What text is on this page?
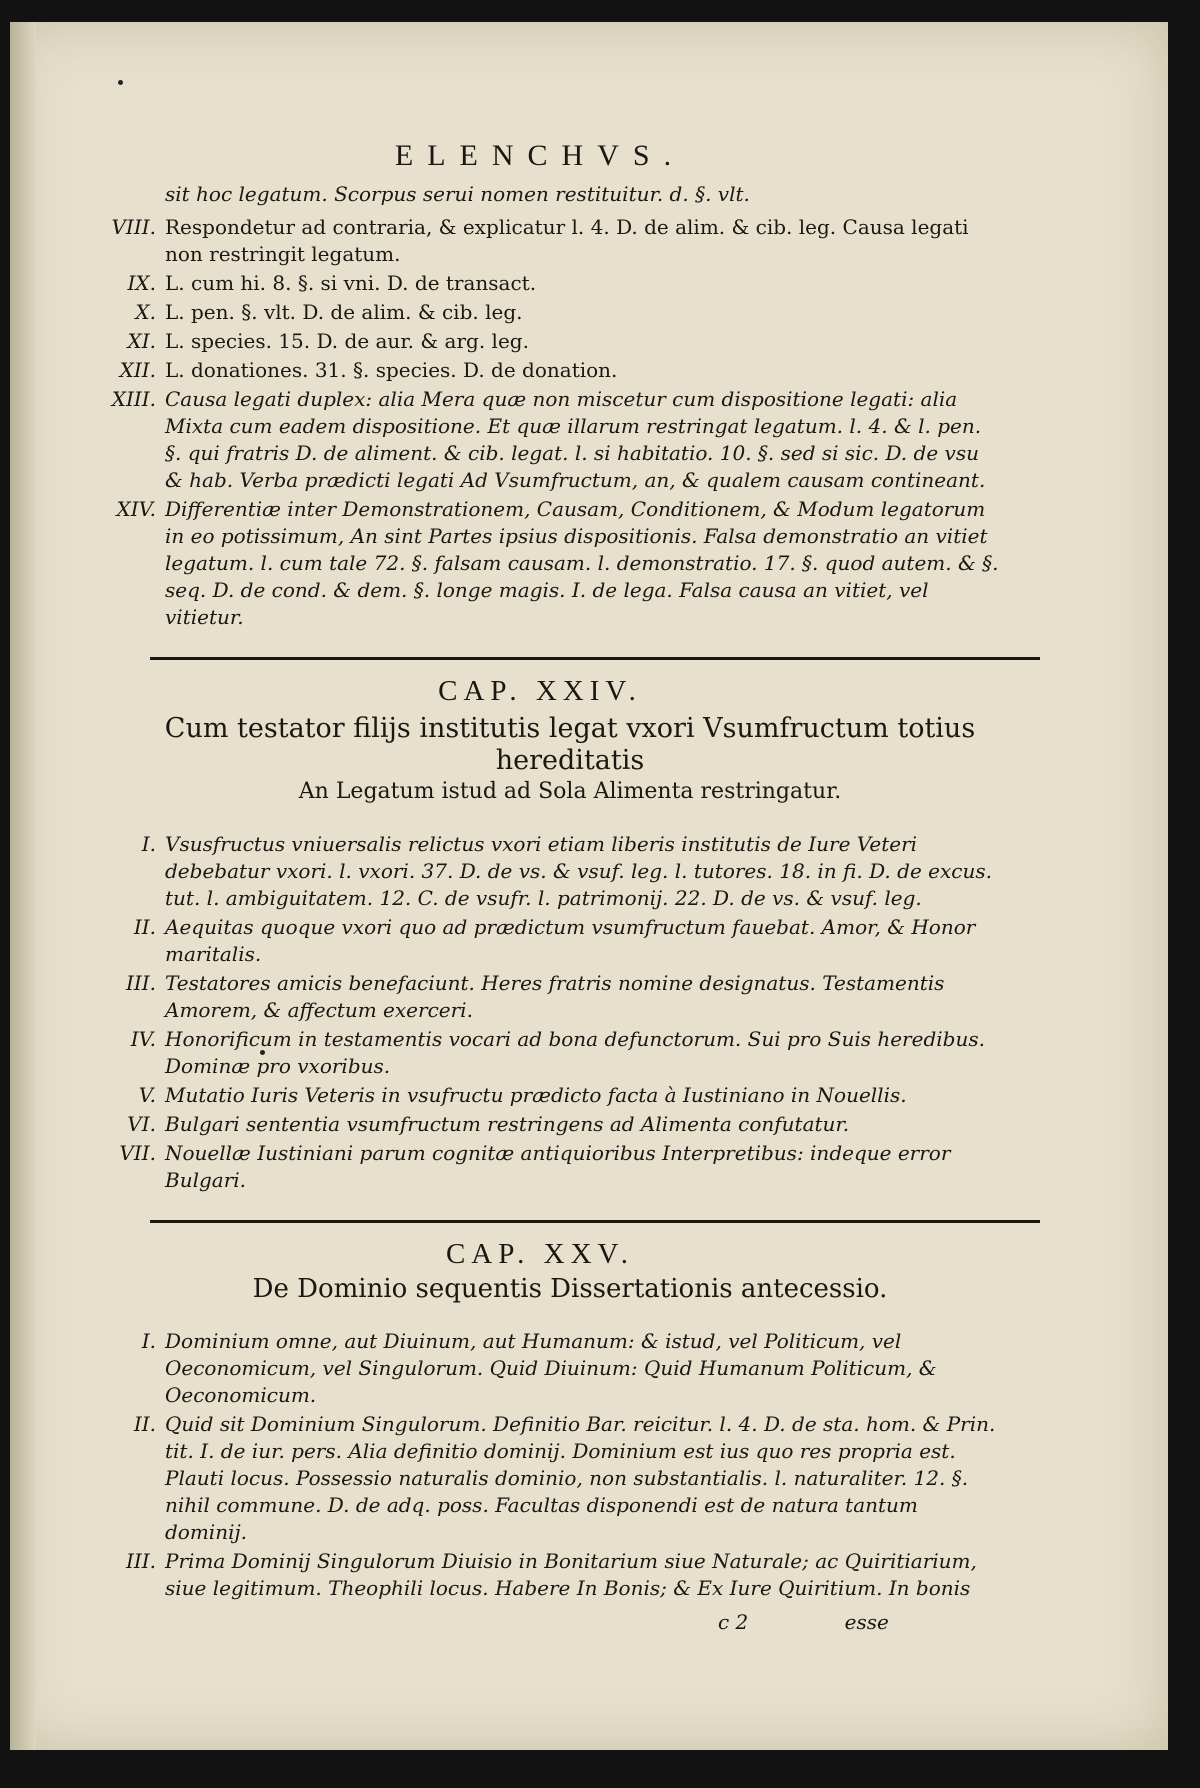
ELENCHVS.
sit hoc legatum. Scorpus serui nomen restituitur. d. §. vlt.
VIII. Respondetur ad contraria, & explicatur l. 4. D. de alim. & cib. leg. Causa legati non restringit legatum.
IX. L. cum hi. 8. §. si vni. D. de transact.
X. L. pen. §. vlt. D. de alim. & cib. leg.
XI. L. species. 15. D. de aur. & arg. leg.
XII. L. donationes. 31. §. species. D. de donation.
XIII. Causa legati duplex: alia Mera quæ non miscetur cum dispositione legati: alia Mixta cum eadem dispositione. Et quæ illarum restringat legatum. l. 4. & l. pen. §. qui fratris D. de aliment. & cib. legat. l. si habitatio. 10. §. sed si sic. D. de vsu & hab. Verba prædicti legati Ad Vsumfructum, an, & qualem causam contineant.
XIV. Differentiæ inter Demonstrationem, Causam, Conditionem, & Modum legatorum in eo potissimum, An sint Partes ipsius dispositionis. Falsa demonstratio an vitiet legatum. l. cum tale 72. §. falsam causam. l. demonstratio. 17. §. quod autem. & §. seq. D. de cond. & dem. §. longe magis. I. de lega. Falsa causa an vitiet, vel vitietur.
CAP. XXIV.
Cum testator filijs institutis legat vxori Vsumfructum totius hereditatis
An Legatum istud ad Sola Alimenta restringatur.
I. Vsusfructus vniuersalis relictus vxori etiam liberis institutis de Iure Veteri debebatur vxori. l. vxori. 37. D. de vs. & vsuf. leg. l. tutores. 18. in fi. D. de excus. tut. l. ambiguitatem. 12. C. de vsufr. l. patrimonij. 22. D. de vs. & vsuf. leg.
II. Aequitas quoque vxori quo ad prædictum vsumfructum fauebat. Amor, & Honor maritalis.
III. Testatores amicis benefaciunt. Heres fratris nomine designatus. Testamentis Amorem, & affectum exerceri.
IV. Honorificum in testamentis vocari ad bona defunctorum. Sui pro Suis heredibus. Dominæ pro vxoribus.
V. Mutatio Iuris Veteris in vsufructu prædicto facta à Iustiniano in Nouellis.
VI. Bulgari sententia vsumfructum restringens ad Alimenta confutatur.
VII. Nouellæ Iustiniani parum cognitæ antiquioribus Interpretibus: indeque error Bulgari.
CAP. XXV.
De Dominio sequentis Dissertationis antecessio.
I. Dominium omne, aut Diuinum, aut Humanum: & istud, vel Politicum, vel Oeconomicum, vel Singulorum. Quid Diuinum: Quid Humanum Politicum, & Oeconomicum.
II. Quid sit Dominium Singulorum. Definitio Bar. reicitur. l. 4. D. de sta. hom. & Prin. tit. I. de iur. pers. Alia definitio dominij. Dominium est ius quo res propria est. Plauti locus. Possessio naturalis dominio, non substantialis. l. naturaliter. 12. §. nihil commune. D. de adq. poss. Facultas disponendi est de natura tantum dominij.
III. Prima Dominij Singulorum Diuisio in Bonitarium siue Naturale; ac Quiritiarium, siue legitimum. Theophili locus. Habere In Bonis; & Ex Iure Quiritium. In bonis
c 2	esse
